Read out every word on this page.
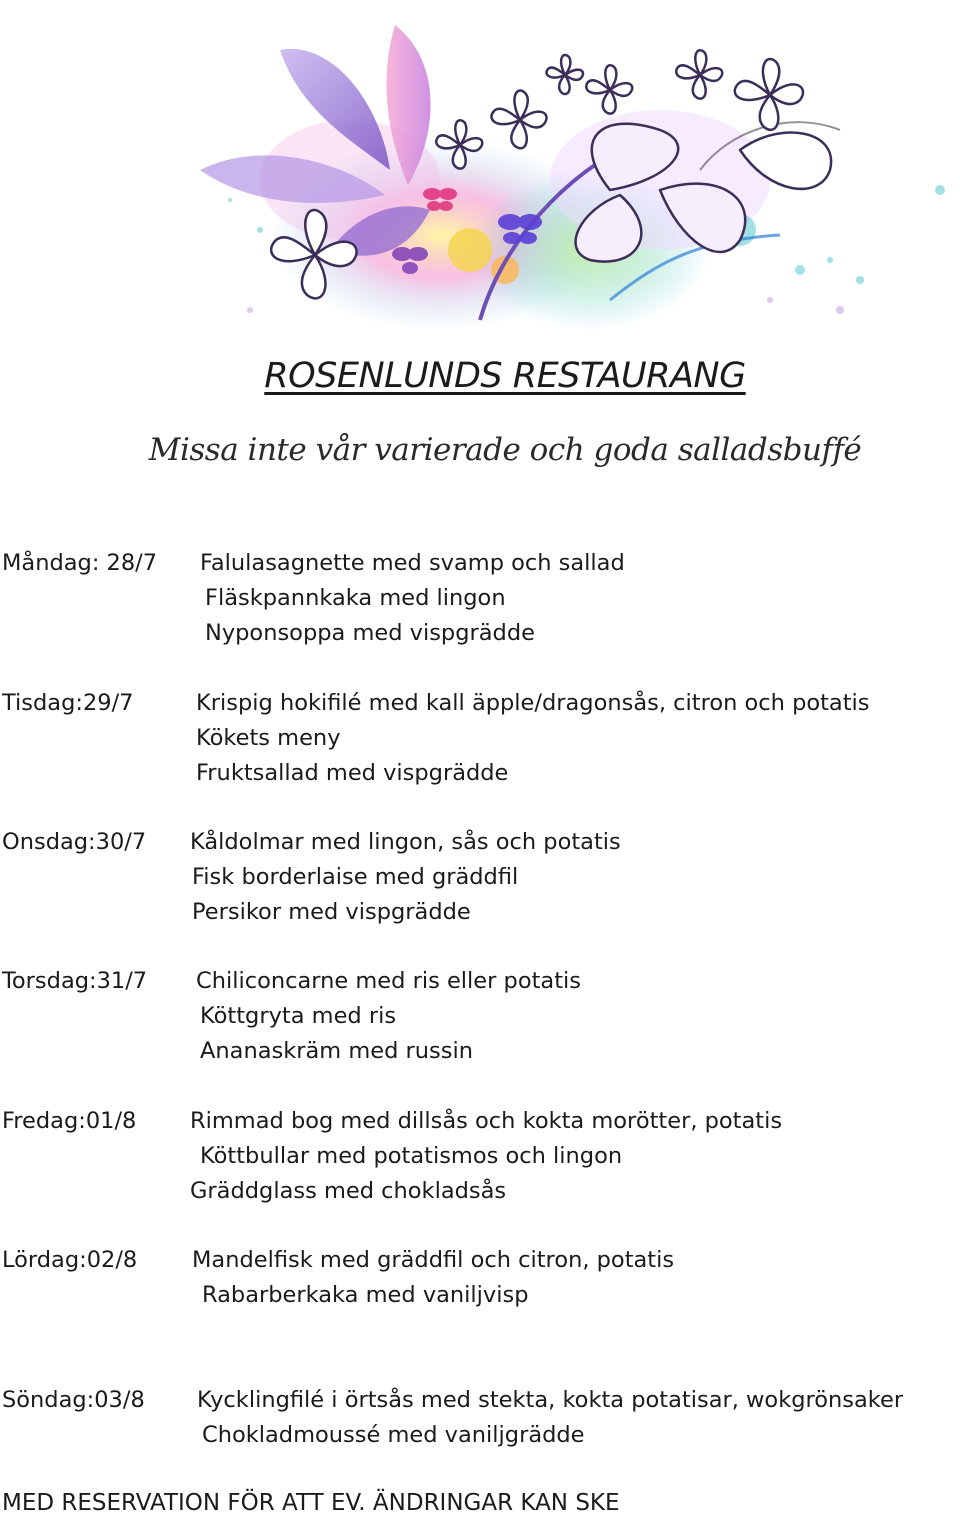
ROSENLUNDS RESTAURANG
Missa inte vår varierade och goda salladsbuffé
Måndag: 28/7 Falulasagnette med svamp och sallad
Fläskpannkaka med lingon
Nyponsoppa med vispgrädde
Tisdag:29/7	Krispig hokifilé med kall äpple/dragonsås, citron och potatis
Kökets meny
Fruktsallad med vispgrädde
Onsdag:30/7 Kåldolmar med lingon, sås och potatis
Fisk borderlaise med gräddfil
Persikor med vispgrädde
Torsdag:31/7 Chiliconcarne med ris eller potatis
Köttgryta med ris
Ananaskräm med russin
Fredag:01/8 Rimmad bog med dillsås och kokta morötter, potatis
Köttbullar med potatismos och lingon
Gräddglass med chokladsås
Lördag:02/8 Mandelfisk med gräddfil och citron, potatis
Rabarberkaka med vaniljvisp
Söndag:03/8 Kycklingfilé i örtsås med stekta, kokta potatisar, wokgrönsaker
Chokladmoussé med vaniljgrädde
MED RESERVATION FÖR ATT EV. ÄNDRINGAR KAN SKE
